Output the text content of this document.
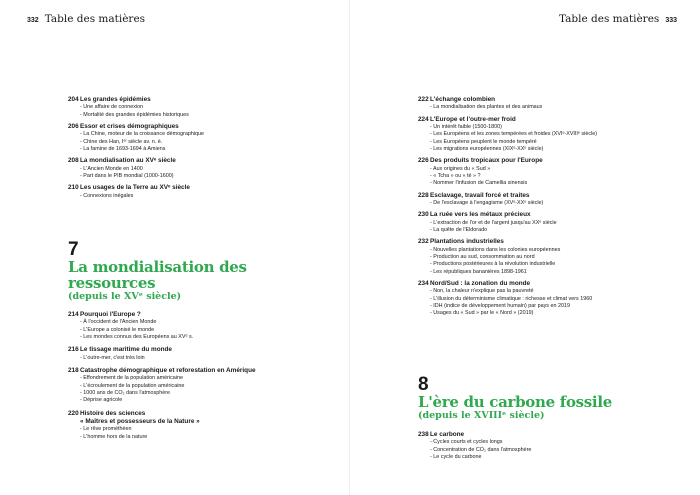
332 Table des matières
204Les grandes épidémies
- Une affaire de connexion
- Mortalité des grandes épidémies historiques
206Essor et crises démographiques
- La Chine, moteur de la croissance démographique
- Chine des Han, Iᵉʳ siècle av. n. è.
- La famine de 1693-1694 à Amiens
208La mondialisation au XVᵉ siècle
- L'Ancien Monde en 1400
- Part dans le PIB mondial (1000-1600)
210Les usages de la Terre au XVᵉ siècle
- Connexions inégales
7
La mondialisation des
ressources
(depuis le XVᵉ siècle)
214Pourquoi l'Europe ?
- À l'occident de l'Ancien Monde
- L'Europe a colonisé le monde
- Les mondes connus des Européens au XVᵉ s.
216Le tissage maritime du monde
- L'outre-mer, c'est très loin
218Catastrophe démographique et reforestation en Amérique
- Effondrement de la population américaine
- L'écroulement de la population américaine
- 1000 ans de CO₂ dans l'atmosphère
- Déprise agricole
220Histoire des sciences
« Maîtres et possesseurs de la Nature »
- Le rêve prométhéen
- L'homme hors de la nature
Table des matières 333
222L'échange colombien
- La mondialisation des plantes et des animaux
224L'Europe et l'outre-mer froid
- Un intérêt faible (1500-1800)
- Les Européens et les zones tempérées et froides (XVIᵉ-XVIIIᵉ siècle)
- Les Européens peuplent le monde tempéré
- Les migrations européennes (XIXᵉ-XXᵉ siècle)
226Des produits tropicaux pour l'Europe
- Aux origines du « Sud »
- « Tcha » ou « té » ?
- Nommer l'infusion de Camellia sinensis
228Esclavage, travail forcé et traites
- De l'esclavage à l'engagisme (XVᵉ-XXᵉ siècle)
230La ruée vers les métaux précieux
- L'extraction de l'or et de l'argent jusqu'au XXᵉ siècle
- La quête de l'Eldorado
232Plantations industrielles
- Nouvelles plantations dans les colonies européennes
- Production au sud, consommation au nord
- Productions postérieures à la révolution industrielle
- Les républiques bananières 1898-1961
234Nord/Sud : la zonation du monde
- Non, la chaleur n'explique pas la pauvreté
- L'illusion du déterminisme climatique : richesse et climat vers 1960
- IDH (indice de développement humain) par pays en 2019
- Usages du « Sud » par le « Nord » (2019)
8
L'ère du carbone fossile
(depuis le XVIIIᵉ siècle)
238Le carbone
- Cycles courts et cycles longs
- Concentration de CO₂ dans l'atmosphère
- Le cycle du carbone
